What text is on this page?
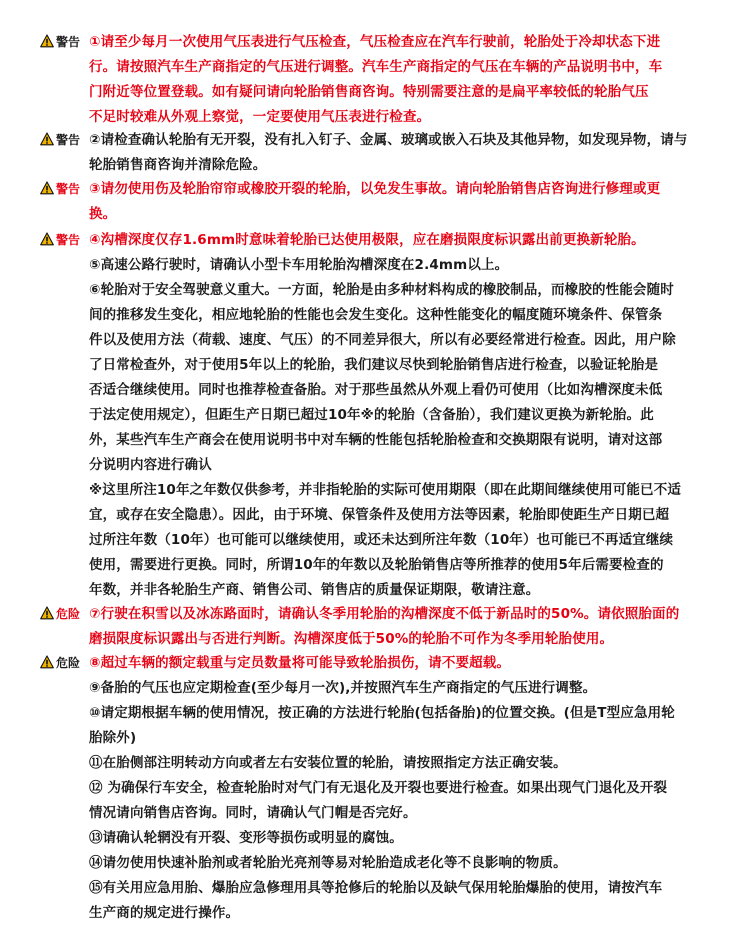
警告 ①请至少每月一次使用气压表进行气压检查，气压检查应在汽车行驶前，轮胎处于冷却状态下进
行。请按照汽车生产商指定的气压进行调整。汽车生产商指定的气压在车辆的产品说明书中，车
门附近等位置登载。如有疑问请向轮胎销售商咨询。特别需要注意的是扁平率较低的轮胎气压
不足时较难从外观上察觉，一定要使用气压表进行检查。
警告 ②请检查确认轮胎有无开裂，没有扎入钉子、金属、玻璃或嵌入石块及其他异物，如发现异物，请与
轮胎销售商咨询并清除危险。
警告 ③请勿使用伤及轮胎帘帘或橡胶开裂的轮胎，以免发生事故。请向轮胎销售店咨询进行修理或更
换。
警告 ④沟槽深度仅存1.6mm时意味着轮胎已达使用极限，应在磨损限度标识露出前更换新轮胎。
⑤高速公路行驶时，请确认小型卡车用轮胎沟槽深度在2.4mm以上。
⑥轮胎对于安全驾驶意义重大。一方面，轮胎是由多种材料构成的橡胶制品，而橡胶的性能会随时
间的推移发生变化，相应地轮胎的性能也会发生变化。这种性能变化的幅度随环境条件、保管条
件以及使用方法（荷载、速度、气压）的不同差异很大，所以有必要经常进行检查。因此，用户除
了日常检查外，对于使用5年以上的轮胎，我们建议尽快到轮胎销售店进行检查，以验证轮胎是
否适合继续使用。同时也推荐检查备胎。对于那些虽然从外观上看仍可使用（比如沟槽深度未低
于法定使用规定），但距生产日期已超过10年※的轮胎（含备胎），我们建议更换为新轮胎。此
外，某些汽车生产商会在使用说明书中对车辆的性能包括轮胎检查和交换期限有说明，请对这部
分说明内容进行确认
※这里所注10年之年数仅供参考，并非指轮胎的实际可使用期限（即在此期间继续使用可能已不适
宜，或存在安全隐患）。因此，由于环境、保管条件及使用方法等因素，轮胎即使距生产日期已超
过所注年数（10年）也可能可以继续使用，或还未达到所注年数（10年）也可能已不再适宜继续
使用，需要进行更换。同时，所谓10年的年数以及轮胎销售店等所推荐的使用5年后需要检查的
年数，并非各轮胎生产商、销售公司、销售店的质量保证期限，敬请注意。
危险 ⑦行驶在积雪以及冰冻路面时，请确认冬季用轮胎的沟槽深度不低于新品时的50%。请依照胎面的
磨损限度标识露出与否进行判断。沟槽深度低于50%的轮胎不可作为冬季用轮胎使用。
危险 ⑧超过车辆的额定载重与定员数量将可能导致轮胎损伤，请不要超载。
⑨备胎的气压也应定期检查(至少每月一次),并按照汽车生产商指定的气压进行调整。
⑩请定期根据车辆的使用情况，按正确的方法进行轮胎(包括备胎)的位置交换。(但是T型应急用轮
胎除外)
⑪在胎侧部注明转动方向或者左右安装位置的轮胎，请按照指定方法正确安装。
⑫ 为确保行车安全，检查轮胎时对气门有无退化及开裂也要进行检查。如果出现气门退化及开裂
情况请向销售店咨询。同时，请确认气门帽是否完好。
⑬请确认轮辋没有开裂、变形等损伤或明显的腐蚀。
⑭请勿使用快速补胎剂或者轮胎光亮剂等易对轮胎造成老化等不良影响的物质。
⑮有关用应急用胎、爆胎应急修理用具等抢修后的轮胎以及缺气保用轮胎爆胎的使用，请按汽车
生产商的规定进行操作。
